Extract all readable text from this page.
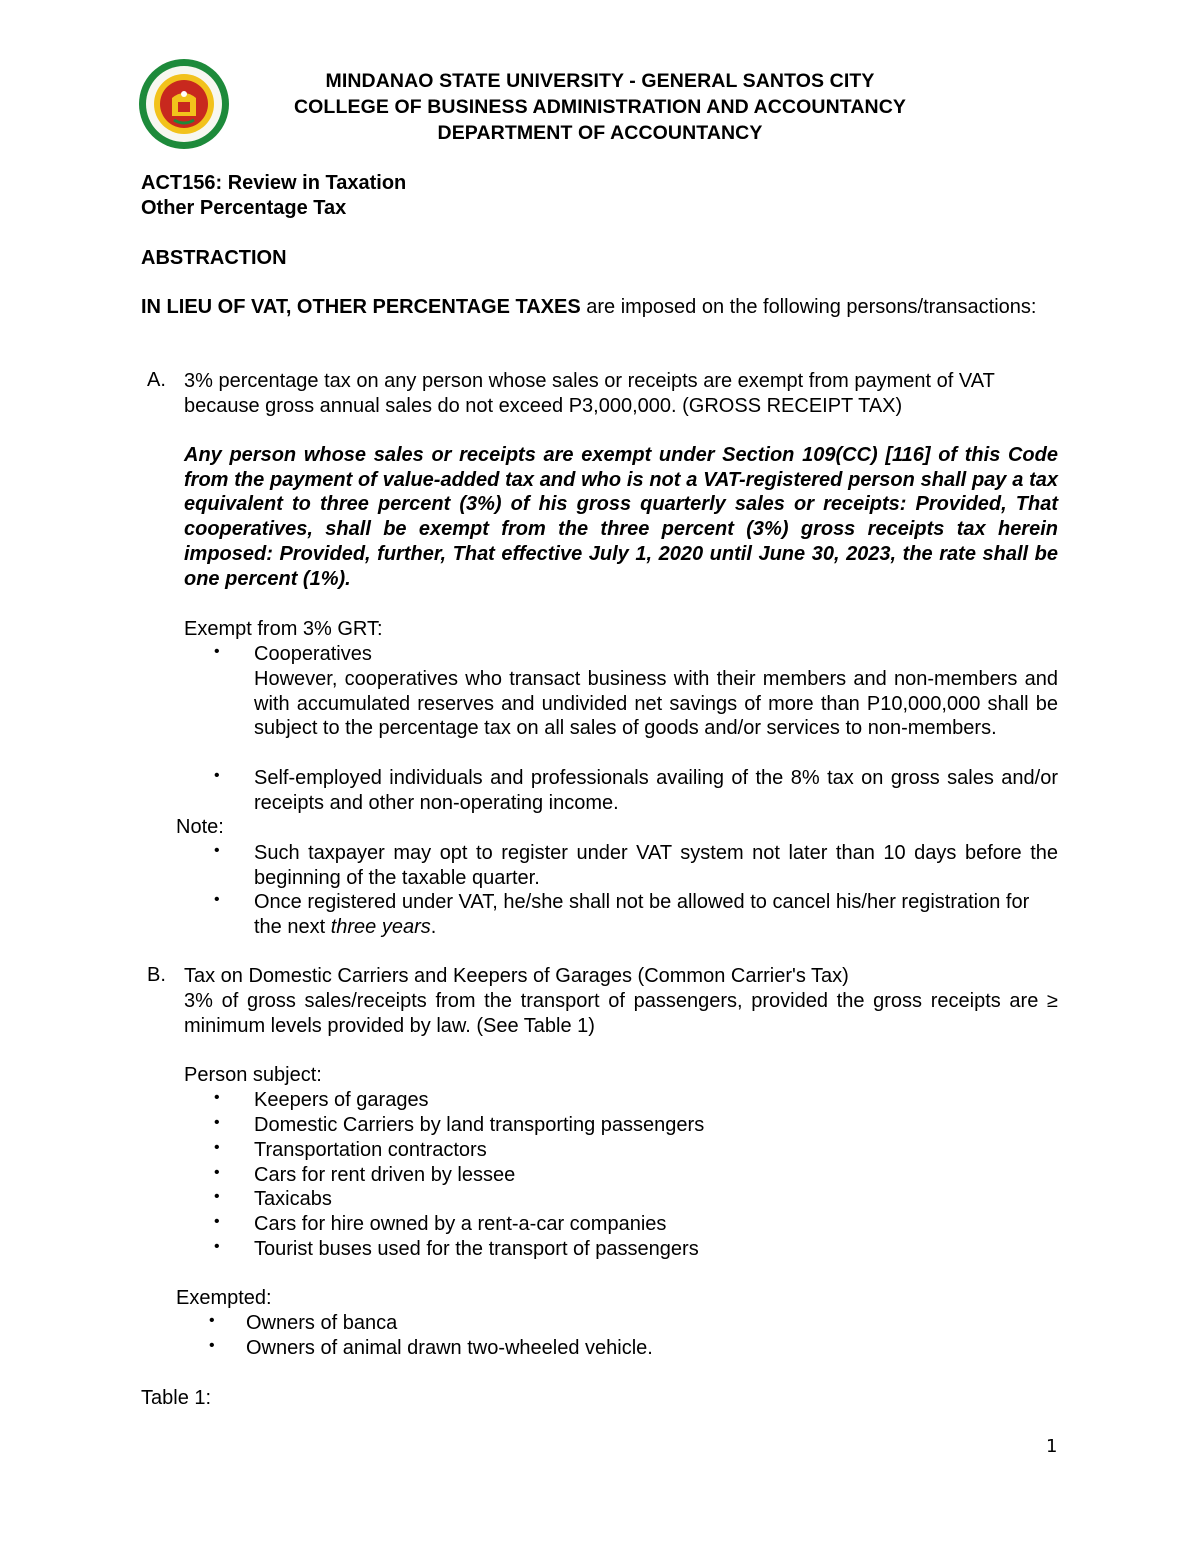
MINDANAO STATE UNIVERSITY - GENERAL SANTOS CITY
COLLEGE OF BUSINESS ADMINISTRATION AND ACCOUNTANCY
DEPARTMENT OF ACCOUNTANCY
ACT156: Review in Taxation
Other Percentage Tax
ABSTRACTION
IN LIEU OF VAT, OTHER PERCENTAGE TAXES are imposed on the following persons/transactions:
A. 3% percentage tax on any person whose sales or receipts are exempt from payment of VAT because gross annual sales do not exceed P3,000,000. (GROSS RECEIPT TAX)
Any person whose sales or receipts are exempt under Section 109(CC) [116] of this Code from the payment of value-added tax and who is not a VAT-registered person shall pay a tax equivalent to three percent (3%) of his gross quarterly sales or receipts: Provided, That cooperatives, shall be exempt from the three percent (3%) gross receipts tax herein imposed: Provided, further, That effective July 1, 2020 until June 30, 2023, the rate shall be one percent (1%).
Exempt from 3% GRT:
• Cooperatives
However, cooperatives who transact business with their members and non-members and with accumulated reserves and undivided net savings of more than P10,000,000 shall be subject to the percentage tax on all sales of goods and/or services to non-members.
• Self-employed individuals and professionals availing of the 8% tax on gross sales and/or receipts and other non-operating income.
Note:
• Such taxpayer may opt to register under VAT system not later than 10 days before the beginning of the taxable quarter.
• Once registered under VAT, he/she shall not be allowed to cancel his/her registration for the next three years.
B. Tax on Domestic Carriers and Keepers of Garages (Common Carrier's Tax)
3% of gross sales/receipts from the transport of passengers, provided the gross receipts are ≥ minimum levels provided by law. (See Table 1)
Person subject:
• Keepers of garages
• Domestic Carriers by land transporting passengers
• Transportation contractors
• Cars for rent driven by lessee
• Taxicabs
• Cars for hire owned by a rent-a-car companies
• Tourist buses used for the transport of passengers
Exempted:
• Owners of banca
• Owners of animal drawn two-wheeled vehicle.
Table 1:
1
